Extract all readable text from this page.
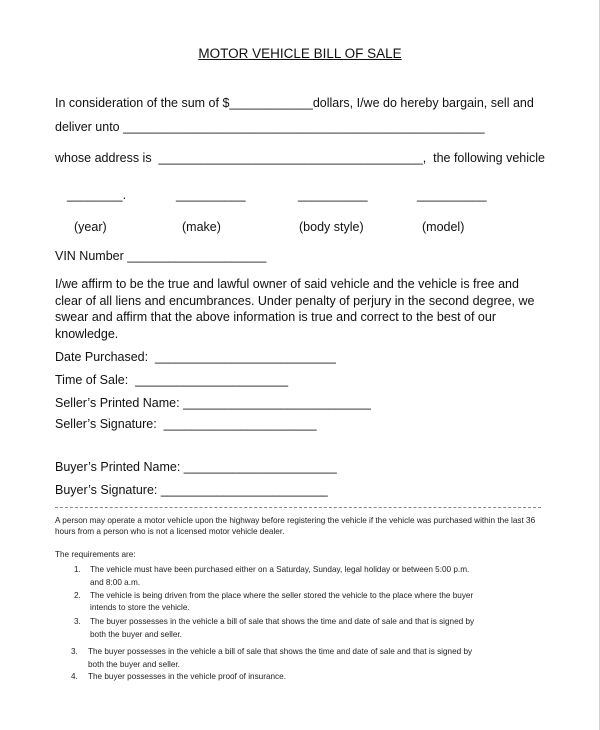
MOTOR VEHICLE BILL OF SALE
In consideration of the sum of $____________dollars, I/we do hereby bargain, sell and
deliver unto ____________________________________________________
whose address is  ______________________________________,  the following vehicle
________.	__________	__________	__________
(year)	(make)	(body style)	(model)
VIN Number ____________________
I/we affirm to be the true and lawful owner of said vehicle and the vehicle is free and clear of all liens and encumbrances. Under penalty of perjury in the second degree, we swear and affirm that the above information is true and correct to the best of our knowledge.
Date Purchased:  __________________________
Time of Sale:  ______________________
Seller’s Printed Name: ___________________________
Seller’s Signature:  ______________________
Buyer’s Printed Name: ______________________
Buyer’s Signature: ________________________
A person may operate a motor vehicle upon the highway before registering the vehicle if the vehicle was purchased within the last 36 hours from a person who is not a licensed motor vehicle dealer.
The requirements are:
1.	The vehicle must have been purchased either on a Saturday, Sunday, legal holiday or between 5:00 p.m.
and 8:00 a.m.
2.	The vehicle is being driven from the place where the seller stored the vehicle to the place where the buyer
intends to store the vehicle.
3.	The buyer possesses in the vehicle a bill of sale that shows the time and date of sale and that is signed by
both the buyer and seller.
3.	The buyer possesses in the vehicle a bill of sale that shows the time and date of sale and that is signed by
both the buyer and seller.
4.	The buyer possesses in the vehicle proof of insurance.
